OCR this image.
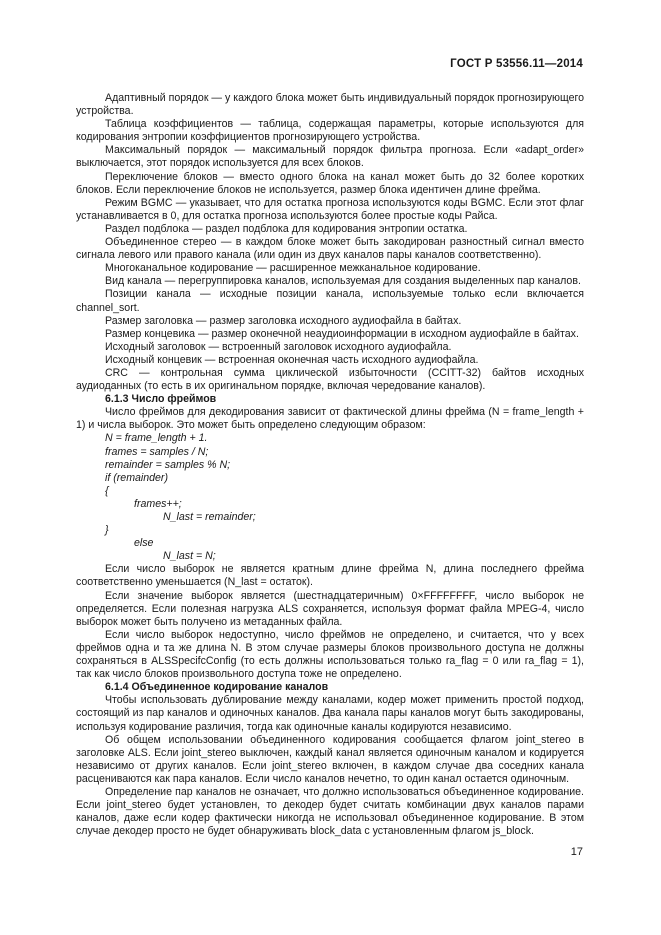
ГОСТ Р 53556.11—2014

Адаптивный порядок — у каждого блока может быть индивидуальный порядок прогнозирующего устройства.

Таблица коэффициентов — таблица, содержащая параметры, которые используются для кодирования энтропии коэффициентов прогнозирующего устройства.

Максимальный порядок — максимальный порядок фильтра прогноза. Если «adapt_order» выключается, этот порядок используется для всех блоков.

Переключение блоков — вместо одного блока на канал может быть до 32 более коротких блоков. Если переключение блоков не используется, размер блока идентичен длине фрейма.

Режим BGMC — указывает, что для остатка прогноза используются коды BGMC. Если этот флаг устанавливается в 0, для остатка прогноза используются более простые коды Райса.

Раздел подблока — раздел подблока для кодирования энтропии остатка.

Объединенное стерео — в каждом блоке может быть закодирован разностный сигнал вместо сигнала левого или правого канала (или один из двух каналов пары каналов соответственно).

Многоканальное кодирование — расширенное межканальное кодирование.

Вид канала — перегруппировка каналов, используемая для создания выделенных пар каналов.

Позиции канала — исходные позиции канала, используемые только если включается channel_sort.

Размер заголовка — размер заголовка исходного аудиофайла в байтах.

Размер концевика — размер оконечной неаудиоинформации в исходном аудиофайле в байтах.

Исходный заголовок — встроенный заголовок исходного аудиофайла.

Исходный концевик — встроенная оконечная часть исходного аудиофайла.

CRC — контрольная сумма циклической избыточности (CCITT-32) байтов исходных аудиоданных (то есть в их оригинальном порядке, включая чередование каналов).

6.1.3 Число фреймов

Число фреймов для декодирования зависит от фактической длины фрейма (N = frame_length + 1) и числа выборок. Это может быть определено следующим образом:

N = frame_length + 1.

frames = samples / N;

remainder = samples % N;

if (remainder)

{

frames++;

N_last = remainder;

}

else

N_last = N;

Если число выборок не является кратным длине фрейма N, длина последнего фрейма соответственно уменьшается (N_last = остаток).

Если значение выборок является (шестнадцатеричным) 0×FFFFFFFF, число выборок не определяется. Если полезная нагрузка ALS сохраняется, используя формат файла MPEG-4, число выборок может быть получено из метаданных файла.

Если число выборок недоступно, число фреймов не определено, и считается, что у всех фреймов одна и та же длина N. В этом случае размеры блоков произвольного доступа не должны сохраняться в ALSSpecifcConfig (то есть должны использоваться только ra_flag = 0 или ra_flag = 1), так как число блоков произвольного доступа тоже не определено.

6.1.4 Объединенное кодирование каналов

Чтобы использовать дублирование между каналами, кодер может применить простой подход, состоящий из пар каналов и одиночных каналов. Два канала пары каналов могут быть закодированы, используя кодирование различия, тогда как одиночные каналы кодируются независимо.

Об общем использовании объединенного кодирования сообщается флагом joint_stereo в заголовке ALS. Если joint_stereo выключен, каждый канал является одиночным каналом и кодируется независимо от других каналов. Если joint_stereo включен, в каждом случае два соседних канала расцениваются как пара каналов. Если число каналов нечетно, то один канал остается одиночным.

Определение пар каналов не означает, что должно использоваться объединенное кодирование. Если joint_stereo будет установлен, то декодер будет считать комбинации двух каналов парами каналов, даже если кодер фактически никогда не использовал объединенное кодирование. В этом случае декодер просто не будет обнаруживать block_data с установленным флагом js_block.

17
